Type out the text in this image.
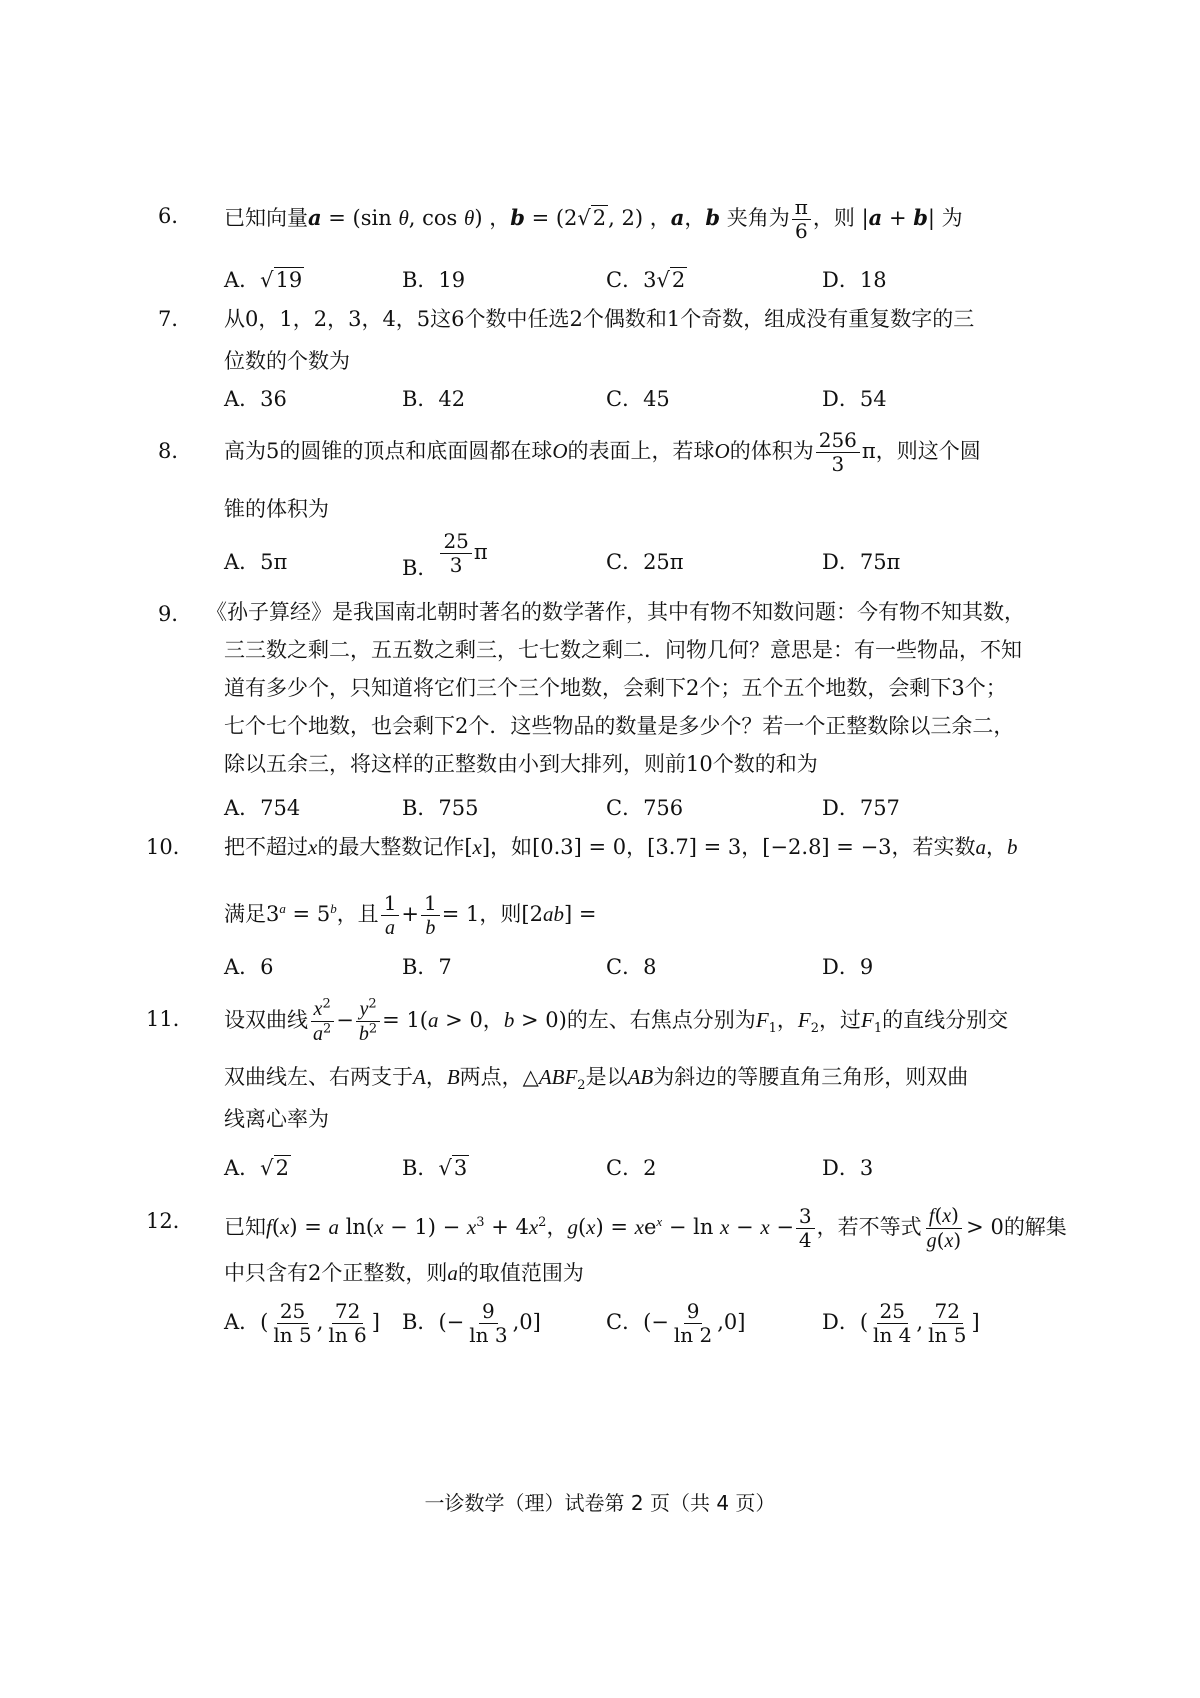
6．	已知向量a = (sin θ, cos θ) ，b = (2√2, 2) ，a，b 夹角为 $\frac{\pi}{6}$ ，则 |a + b| 为
A．√19	B．19	C．3√2	D．18
7．	从0，1，2，3，4，5这6个数中任选2个偶数和1个奇数，组成没有重复数字的三
位数的个数为
A．36	B．42	C．45	D．54
8．	高为5的圆锥的顶点和底面圆都在球O的表面上，若球O的体积为 $\frac{256}{3}$ π，则这个圆
锥的体积为
A．5π	B． $\frac{25}{3}$ π	C．25π	D．75π
9． 《孙子算经》是我国南北朝时著名的数学著作，其中有物不知数问题：今有物不知其数，
三三数之剩二，五五数之剩三，七七数之剩二．问物几何？意思是：有一些物品，不知
道有多少个，只知道将它们三个三个地数，会剩下2个；五个五个地数，会剩下3个；
七个七个地数，也会剩下2个．这些物品的数量是多少个？若一个正整数除以三余二，
除以五余三，将这样的正整数由小到大排列，则前10个数的和为
A．754	B．755	C．756	D．757
10．	把不超过x的最大整数记作[x]，如[0.3] = 0，[3.7] = 3，[−2.8] = −3，若实数a，b
满足$3^a = 5^b$，且 $\frac{1}{a} + \frac{1}{b} = 1$，则[2ab] =
A．6	B．7	C．8	D．9
11．	设双曲线 $\frac{x^2}{a^2} - \frac{y^2}{b^2} = 1(a > 0$，b > 0)的左、右焦点分别为$F_1$，$F_2$，过$F_1$的直线分别交
双曲线左、右两支于A，B两点，$\triangle ABF_2$是以AB为斜边的等腰直角三角形，则双曲
线离心率为
A．√2	B．√3	C．2	D．3
12．	已知f(x) = a $\ln(x - 1) - x^3 + 4x^2$，$g(x) = xe^x - \ln x - x - \frac{3}{4}$ ，若不等式 $\frac{f(x)}{g(x)} > 0$的解集
中只含有2个正整数，则a的取值范围为
A．( $\frac{25}{\ln 5}$ , $\frac{72}{\ln 6}$ ] B．(− $\frac{9}{\ln 3} ,0$]	C．(− $\frac{9}{\ln 2} ,0$]	D．( $\frac{25}{\ln 4}$ , $\frac{72}{\ln 5}$ ]
一诊数学（理）试卷第 2 页（共 4 页）
